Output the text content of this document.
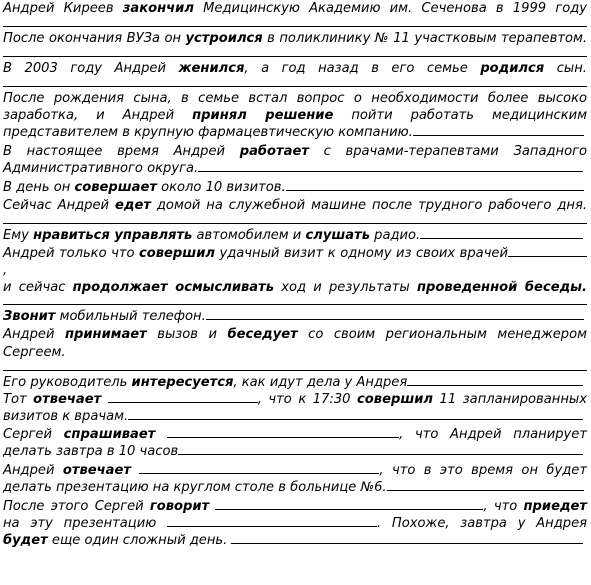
Андрей Киреев закончил Медицинскую Академию им. Сеченова в 1999 году

После окончания ВУЗа он устроился в поликлинику № 11 участковым терапевтом.

В 2003 году Андрей женился, а год назад в его семье родился сын.

После рождения сына, в семье встал вопрос о необходимости более высоко заработка, и Андрей принял решение пойти работать медицинским представителем в крупную фармацевтическую компанию.

В настоящее время Андрей работает с врачами-терапевтами Западного Административного округа.

В день он совершает около 10 визитов.

Сейчас Андрей едет домой на служебной машине после трудного рабочего дня.

Ему нравиться управлять автомобилем и слушать радио.

Андрей только что совершил удачный визит к одному из своих врачей,

и сейчас продолжает осмысливать ход и результаты проведенной беседы.

Звонит мобильный телефон.

Андрей принимает вызов и беседует со своим региональным менеджером Сергеем.

Его руководитель интересуется, как идут дела у Андрея

Тот отвечает	, что к 17:30 совершил 11 запланированных визитов к врачам.

Сергей спрашивает	, что Андрей планирует делать завтра в 10 часов

Андрей отвечает	, что в это время он будет делать презентацию на круглом столе в больнице №6.

После этого Сергей говорит	, что приедет на эту презентацию	. Похоже, завтра у Андрея будет еще один сложный день.
